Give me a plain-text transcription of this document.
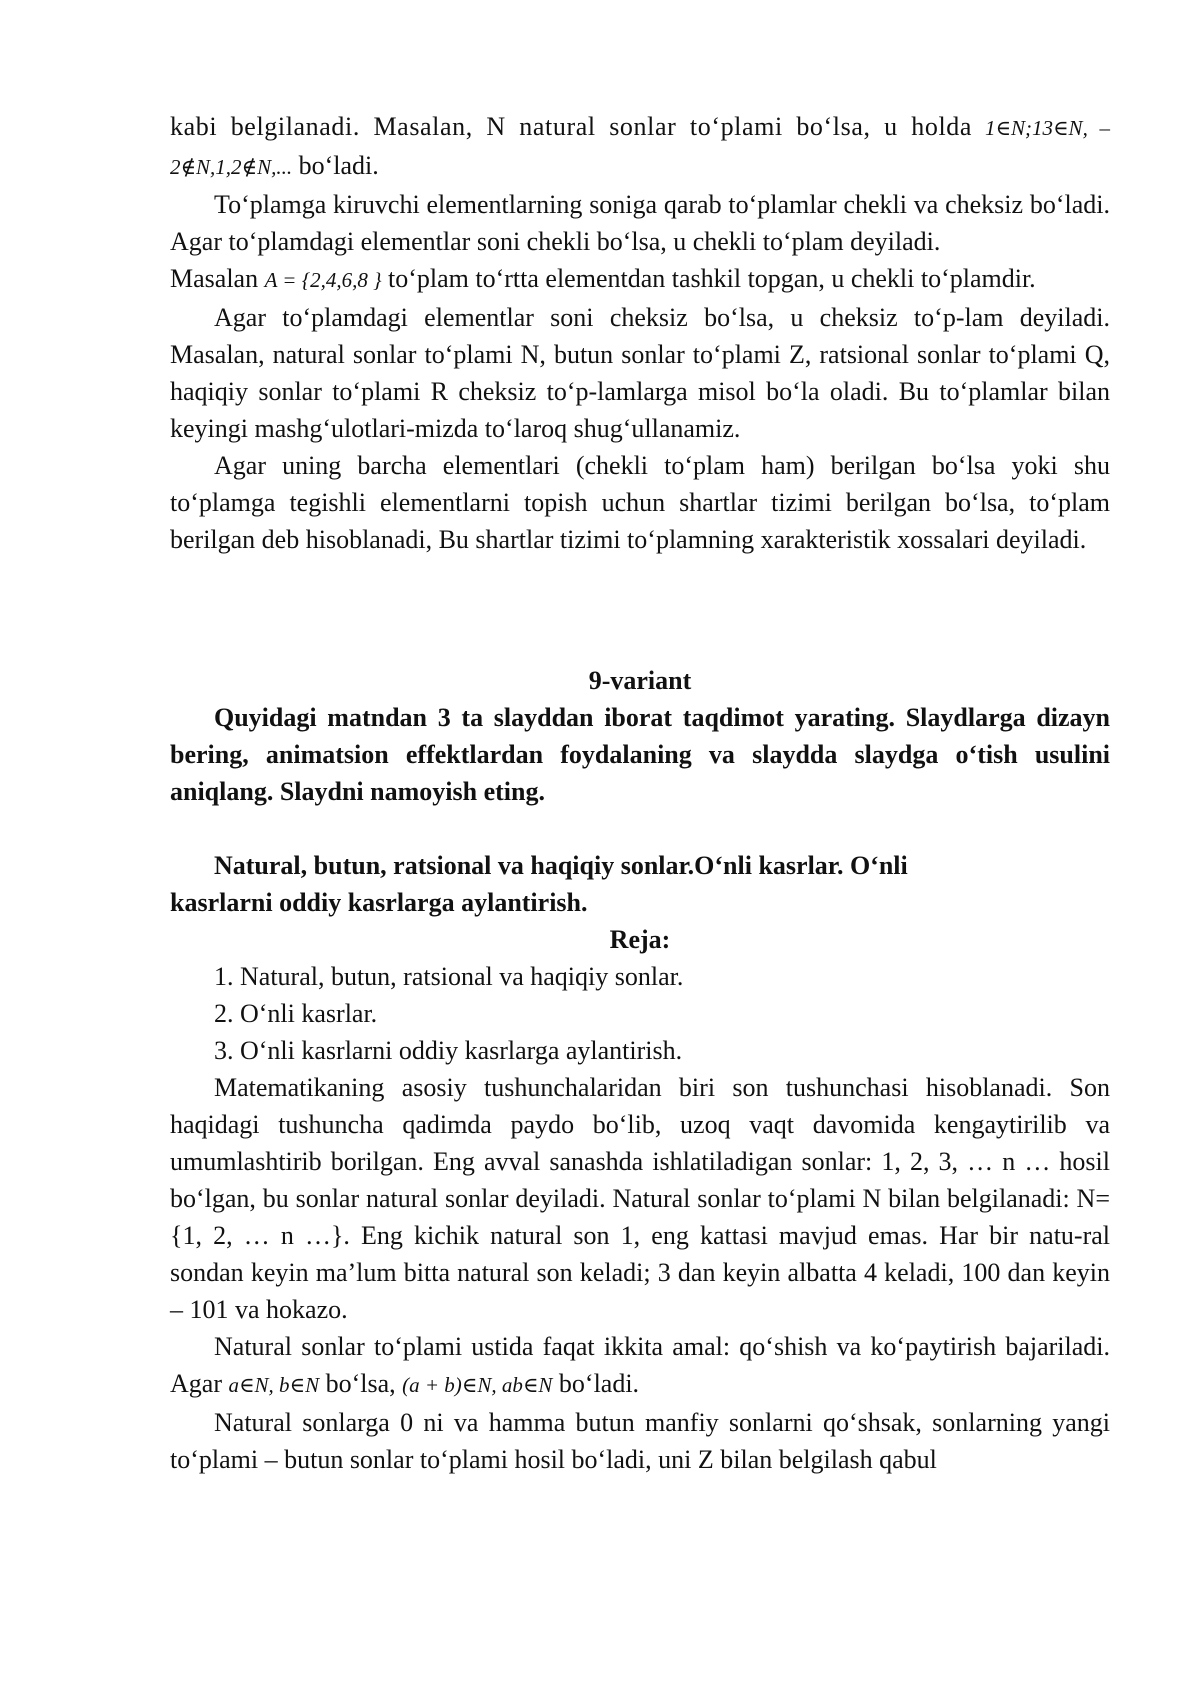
kabi belgilanadi. Masalan, N natural sonlar to‘plami bo‘lsa, u holda 1∈N;13∈N, – 2∉N,1,2∉N,... bo‘ladi.

To‘plamga kiruvchi elementlarning soniga qarab to‘plamlar chekli va cheksiz bo‘ladi. Agar to‘plamdagi elementlar soni chekli bo‘lsa, u chekli to‘plam deyiladi.

Masalan A = {2,4,6,8 } to‘plam to‘rtta elementdan tashkil topgan, u chekli to‘plamdir.

Agar to‘plamdagi elementlar soni cheksiz bo‘lsa, u cheksiz to‘p-lam deyiladi. Masalan, natural sonlar to‘plami N, butun sonlar to‘plami Z, ratsional sonlar to‘plami Q, haqiqiy sonlar to‘plami R cheksiz to‘p-lamlarga misol bo‘la oladi. Bu to‘plamlar bilan keyingi mashg‘ulotlari-mizda to‘laroq shug‘ullanamiz.

Agar uning barcha elementlari (chekli to‘plam ham) berilgan bo‘lsa yoki shu to‘plamga tegishli elementlarni topish uchun shartlar tizimi berilgan bo‘lsa, to‘plam berilgan deb hisoblanadi, Bu shartlar tizimi to‘plamning xarakteristik xossalari deyiladi.

9-variant

Quyidagi matndan 3 ta slayddan iborat taqdimot yarating. Slaydlarga dizayn bering, animatsion effektlardan foydalaning va slaydda slaydga o‘tish usulini aniqlang. Slaydni namoyish eting.

Natural, butun, ratsional va haqiqiy sonlar.O‘nli kasrlar. O‘nli

kasrlarni oddiy kasrlarga aylantirish.

Reja:

1. Natural, butun, ratsional va haqiqiy sonlar.

2. O‘nli kasrlar.

3. O‘nli kasrlarni oddiy kasrlarga aylantirish.

Matematikaning asosiy tushunchalaridan biri son tushunchasi hisoblanadi. Son haqidagi tushuncha qadimda paydo bo‘lib, uzoq vaqt davomida kengaytirilib va umumlashtirib borilgan. Eng avval sanashda ishlatiladigan sonlar: 1, 2, 3, … n … hosil bo‘lgan, bu sonlar natural sonlar deyiladi. Natural sonlar to‘plami N bilan belgilanadi: N= {1, 2, … n …}. Eng kichik natural son 1, eng kattasi mavjud emas. Har bir natu-ral sondan keyin ma’lum bitta natural son keladi; 3 dan keyin albatta 4 keladi, 100 dan keyin – 101 va hokazo.

Natural sonlar to‘plami ustida faqat ikkita amal: qo‘shish va ko‘paytirish bajariladi. Agar a∈N, b∈N bo‘lsa, (a + b)∈N, ab∈N bo‘ladi.

Natural sonlarga 0 ni va hamma butun manfiy sonlarni qo‘shsak, sonlarning yangi to‘plami – butun sonlar to‘plami hosil bo‘ladi, uni Z bilan belgilash qabul
